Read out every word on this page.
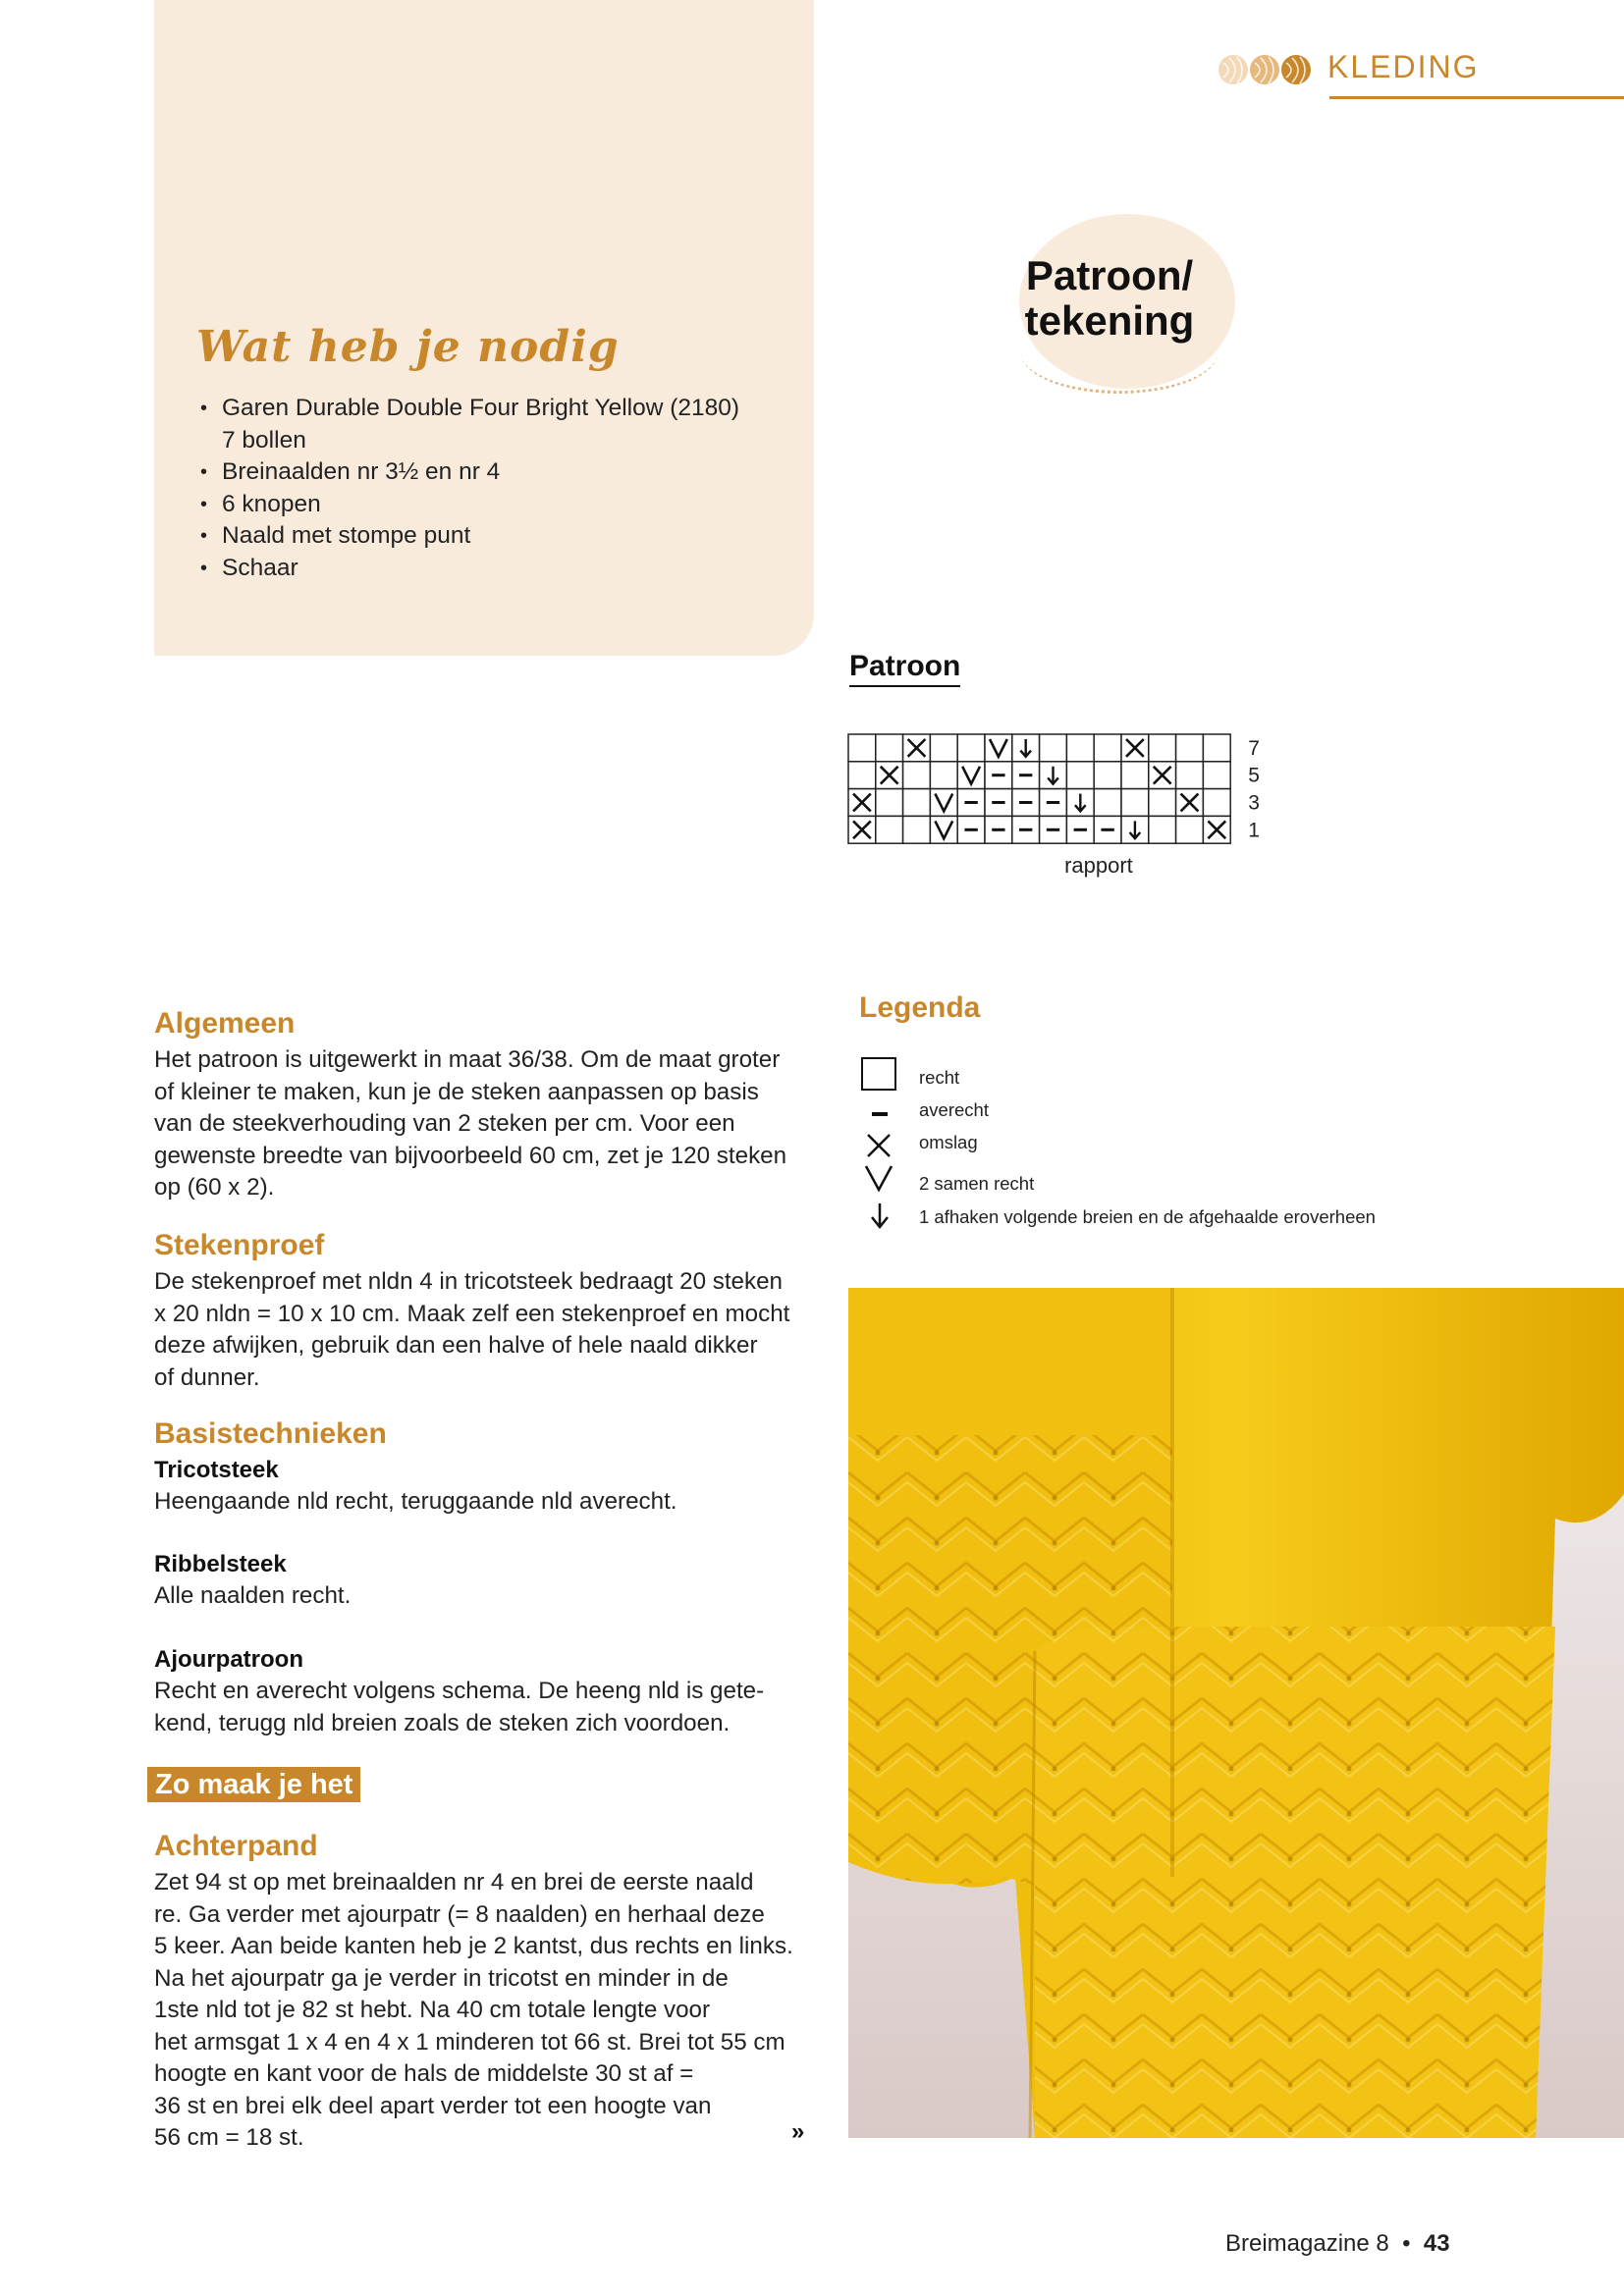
Wat heb je nodig
• Garen Durable Double Four Bright Yellow (2180)
7 bollen
• Breinaalden nr 3½ en nr 4
• 6 knopen
• Naald met stompe punt
• Schaar
KLEDING
Patroon/
tekening
Patroon
7
5
3
1
rapport
Legenda
recht
averecht
omslag
2 samen recht
1 afhaken volgende breien en de afgehaalde eroverheen
Algemeen
Het patroon is uitgewerkt in maat 36/38. Om de maat groter
of kleiner te maken, kun je de steken aanpassen op basis
van de steekverhouding van 2 steken per cm. Voor een
gewenste breedte van bijvoorbeeld 60 cm, zet je 120 steken
op (60 x 2).
Stekenproef
De stekenproef met nldn 4 in tricotsteek bedraagt 20 steken
x 20 nldn = 10 x 10 cm. Maak zelf een stekenproef en mocht
deze afwijken, gebruik dan een halve of hele naald dikker
of dunner.
Basistechnieken
Tricotsteek
Heengaande nld recht, teruggaande nld averecht.
Ribbelsteek
Alle naalden recht.
Ajourpatroon
Recht en averecht volgens schema. De heeng nld is gete-
kend, terugg nld breien zoals de steken zich voordoen.
Zo maak je het
Achterpand
Zet 94 st op met breinaalden nr 4 en brei de eerste naald
re. Ga verder met ajourpatr (= 8 naalden) en herhaal deze
5 keer. Aan beide kanten heb je 2 kantst, dus rechts en links.
Na het ajourpatr ga je verder in tricotst en minder in de
1ste nld tot je 82 st hebt. Na 40 cm totale lengte voor
het armsgat 1 x 4 en 4 x 1 minderen tot 66 st. Brei tot 55 cm
hoogte en kant voor de hals de middelste 30 st af =
36 st en brei elk deel apart verder tot een hoogte van
56 cm = 18 st.	»
Breimagazine 8 • 43
